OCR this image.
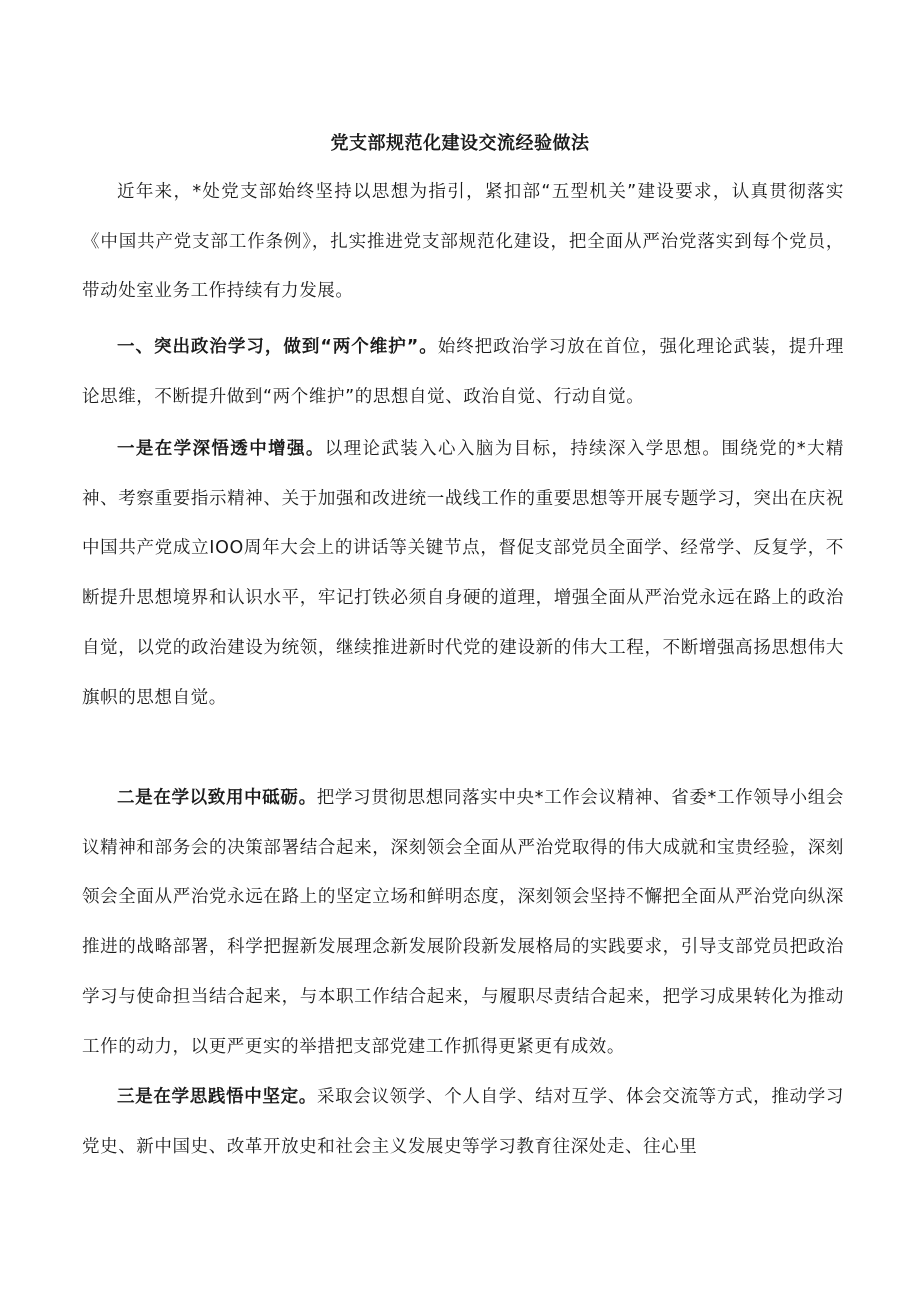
党支部规范化建设交流经验做法

近年来，*处党支部始终坚持以思想为指引，紧扣部“五型机关”建设要求，认真贯彻落实《中国共产党支部工作条例》，扎实推进党支部规范化建设，把全面从严治党落实到每个党员，带动处室业务工作持续有力发展。

一、突出政治学习，做到“两个维护”。始终把政治学习放在首位，强化理论武装，提升理论思维，不断提升做到“两个维护”的思想自觉、政治自觉、行动自觉。

一是在学深悟透中增强。以理论武装入心入脑为目标，持续深入学思想。围绕党的*大精神、考察重要指示精神、关于加强和改进统一战线工作的重要思想等开展专题学习，突出在庆祝中国共产党成立IOO周年大会上的讲话等关键节点，督促支部党员全面学、经常学、反复学，不断提升思想境界和认识水平，牢记打铁必须自身硬的道理，增强全面从严治党永远在路上的政治自觉，以党的政治建设为统领，继续推进新时代党的建设新的伟大工程，不断增强高扬思想伟大旗帜的思想自觉。

二是在学以致用中砥砺。把学习贯彻思想同落实中央*工作会议精神、省委*工作领导小组会议精神和部务会的决策部署结合起来，深刻领会全面从严治党取得的伟大成就和宝贵经验，深刻领会全面从严治党永远在路上的坚定立场和鲜明态度，深刻领会坚持不懈把全面从严治党向纵深推进的战略部署，科学把握新发展理念新发展阶段新发展格局的实践要求，引导支部党员把政治学习与使命担当结合起来，与本职工作结合起来，与履职尽责结合起来，把学习成果转化为推动工作的动力，以更严更实的举措把支部党建工作抓得更紧更有成效。

三是在学思践悟中坚定。采取会议领学、个人自学、结对互学、体会交流等方式，推动学习党史、新中国史、改革开放史和社会主义发展史等学习教育往深处走、往心里
